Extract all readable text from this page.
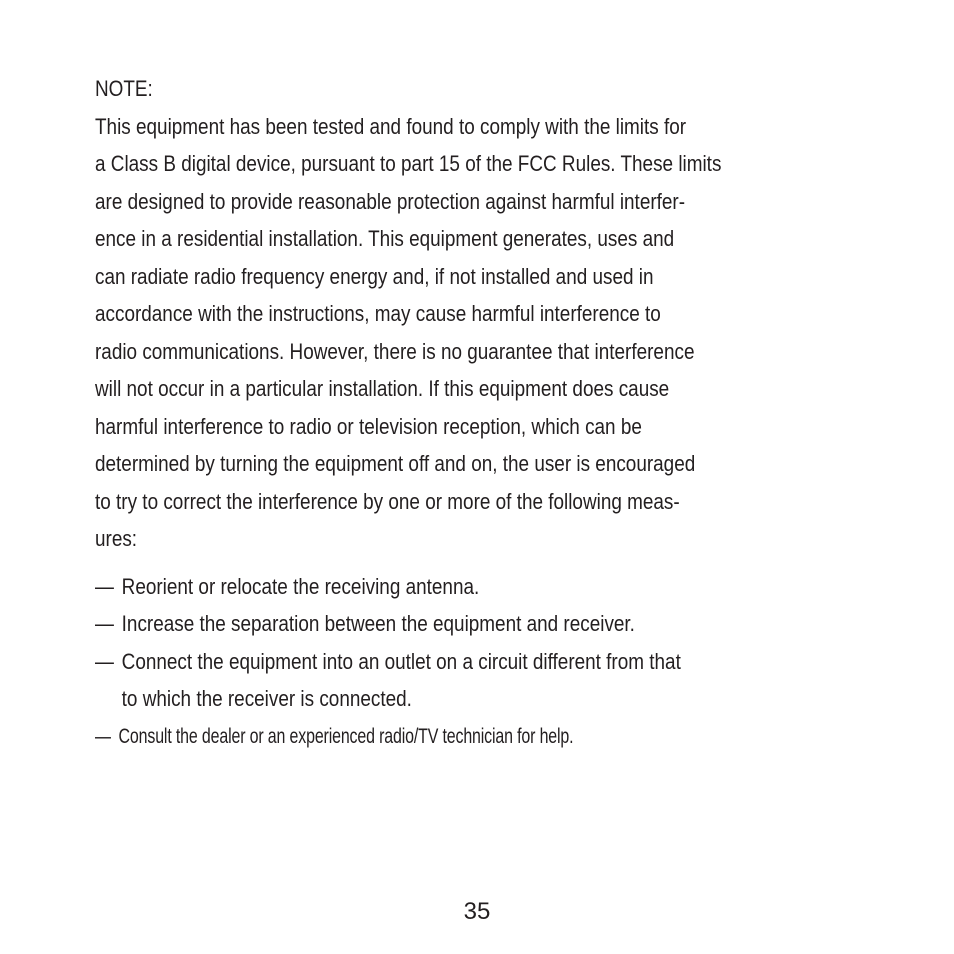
NOTE:
This equipment has been tested and found to comply with the limits for
a Class B digital device, pursuant to part 15 of the FCC Rules. These limits
are designed to provide reasonable protection against harmful interfer-
ence in a residential installation. This equipment generates, uses and
can radiate radio frequency energy and, if not installed and used in
accordance with the instructions, may cause harmful interference to
radio communications. However, there is no guarantee that interference
will not occur in a particular installation. If this equipment does cause
harmful interference to radio or television reception, which can be
determined by turning the equipment off and on, the user is encouraged
to try to correct the interference by one or more of the following meas-
ures:
— Reorient or relocate the receiving antenna.
— Increase the separation between the equipment and receiver.
— Connect the equipment into an outlet on a circuit different from that
to which the receiver is connected.
— Consult the dealer or an experienced radio/TV technician for help.
35
